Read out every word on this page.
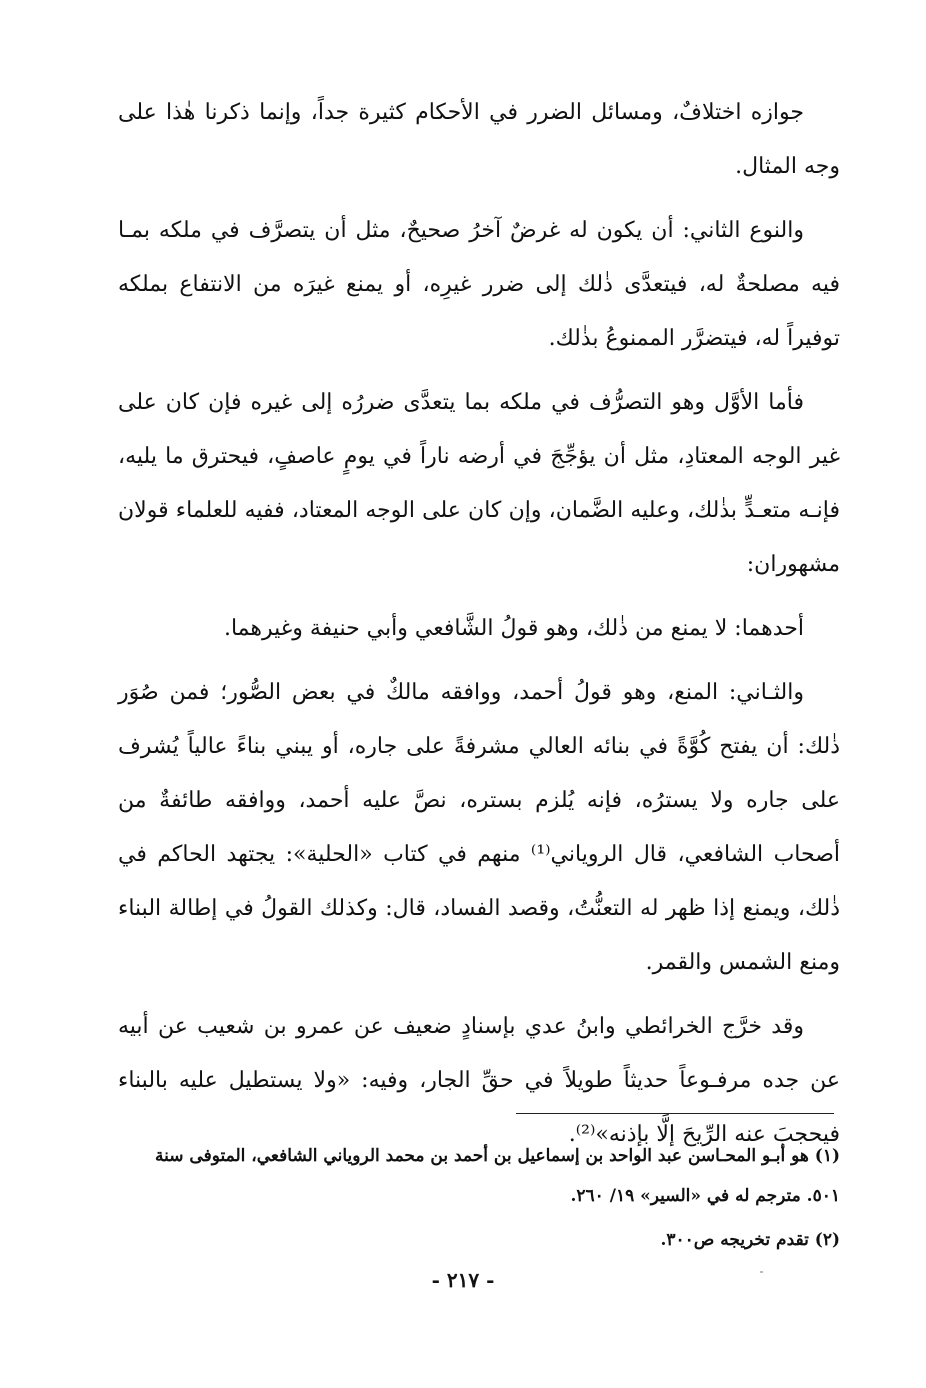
جوازه اختلافٌ، ومسائل الضرر في الأحكام كثيرة جداً، وإنما ذكرنا هٰذا على وجه المثال.

والنوع الثاني: أن يكون له غرضٌ آخرُ صحيحٌ، مثل أن يتصرَّف في ملكه بمـا فيه مصلحةٌ له، فيتعدَّى ذٰلك إلى ضرر غيرِه، أو يمنع غيرَه من الانتفاع بملكه توفيراً له، فيتضرَّر الممنوعُ بذٰلك.

فأما الأوَّل وهو التصرُّف في ملكه بما يتعدَّى ضررُه إلى غيره فإن كان على غير الوجه المعتادِ، مثل أن يؤجِّجَ في أرضه ناراً في يومٍ عاصفٍ، فيحترق ما يليه، فإنـه متعـدٍّ بذٰلك، وعليه الضَّمان، وإن كان على الوجه المعتاد، ففيه للعلماء قولان مشهوران:

أحدهما: لا يمنع من ذٰلك، وهو قولُ الشَّافعي وأبي حنيفة وغيرهما.

والثـاني: المنع، وهو قولُ أحمد، ووافقه مالكٌ في بعض الصُّور؛ فمن صُوَر ذٰلك: أن يفتح كُوَّةً في بنائه العالي مشرفةً على جاره، أو يبني بناءً عالياً يُشرف على جاره ولا يسترُه، فإنه يُلزم بستره، نصَّ عليه أحمد، ووافقه طائفةٌ من أصحاب الشافعي، قال الروياني⁽¹⁾ منهم في كتاب «الحلية»: يجتهد الحاكم في ذٰلك، ويمنع إذا ظهر له التعنُّتُ، وقصد الفساد، قال: وكذلك القولُ في إطالة البناء ومنع الشمس والقمر.

وقد خرَّج الخرائطي وابنُ عدي بإسنادٍ ضعيف عن عمرو بن شعيب عن أبيه عن جده مرفـوعاً حديثاً طويلاً في حقِّ الجار، وفيه: «ولا يستطيل عليه بالبناء فيحجبَ عنه الرِّيحَ إلَّا بإذنه»⁽²⁾.

(١) هو أبـو المحـاسن عبد الواحد بن إسماعيل بن أحمد بن محمد الروياني الشافعي، المتوفى سنة ٥٠١. مترجم له في «السير» ١٩/ ٢٦٠.

(٢) تقدم تخريجه ص٣٠٠.

- ٢١٧ -
